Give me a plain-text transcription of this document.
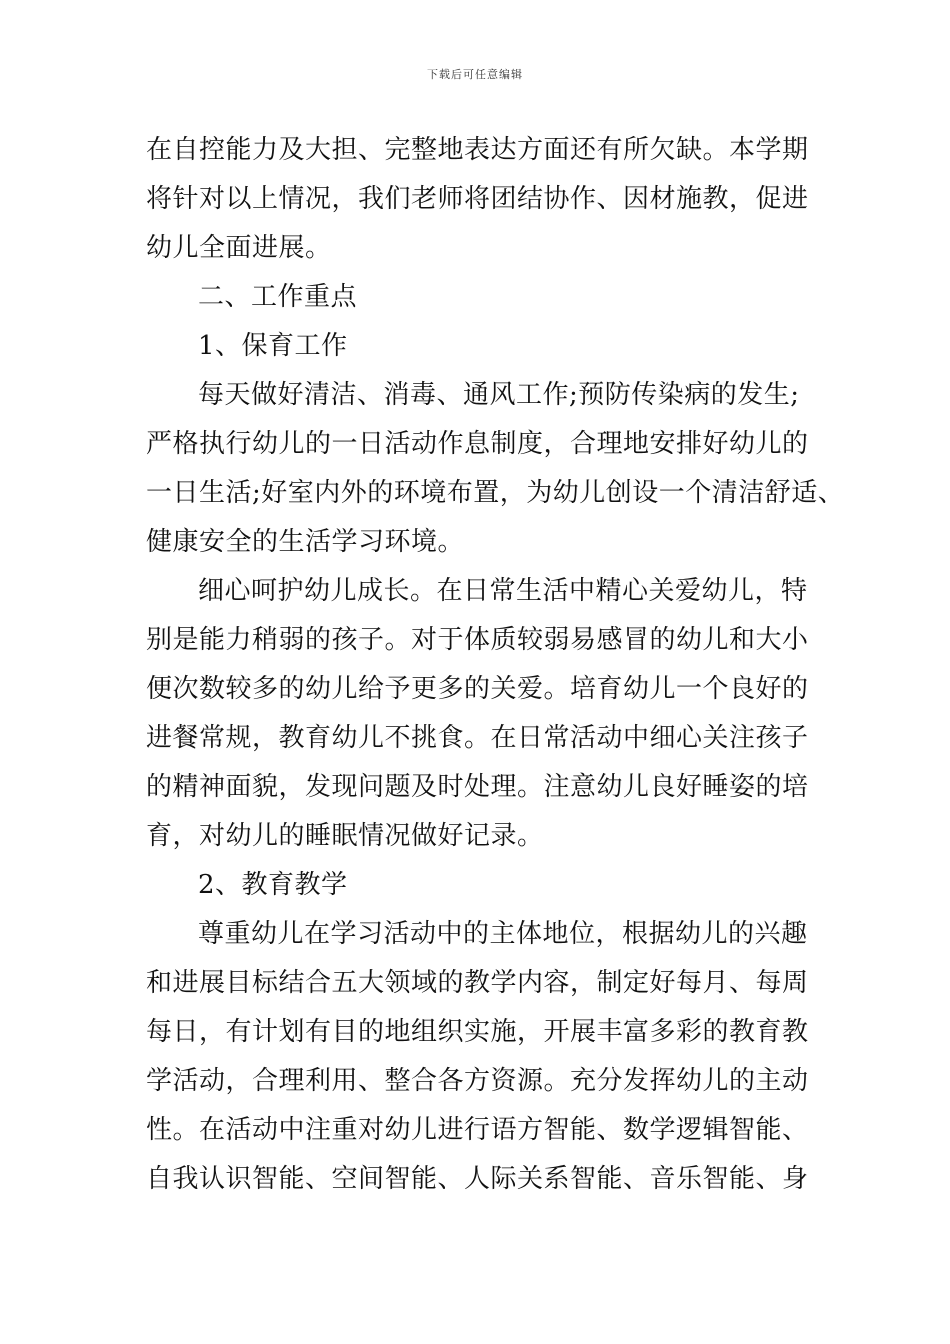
下载后可任意编辑
在自控能力及大担、完整地表达方面还有所欠缺。本学期
将针对以上情况，我们老师将团结协作、因材施教，促进
幼儿全面进展。
二、工作重点
1、保育工作
每天做好清洁、消毒、通风工作;预防传染病的发生;
严格执行幼儿的一日活动作息制度，合理地安排好幼儿的
一日生活;好室内外的环境布置，为幼儿创设一个清洁舒适、
健康安全的生活学习环境。
细心呵护幼儿成长。在日常生活中精心关爱幼儿，特
别是能力稍弱的孩子。对于体质较弱易感冒的幼儿和大小
便次数较多的幼儿给予更多的关爱。培育幼儿一个良好的
进餐常规，教育幼儿不挑食。在日常活动中细心关注孩子
的精神面貌，发现问题及时处理。注意幼儿良好睡姿的培
育，对幼儿的睡眠情况做好记录。
2、教育教学
尊重幼儿在学习活动中的主体地位，根据幼儿的兴趣
和进展目标结合五大领域的教学内容，制定好每月、每周
每日，有计划有目的地组织实施，开展丰富多彩的教育教
学活动，合理利用、整合各方资源。充分发挥幼儿的主动
性。在活动中注重对幼儿进行语方智能、数学逻辑智能、
自我认识智能、空间智能、人际关系智能、音乐智能、身
